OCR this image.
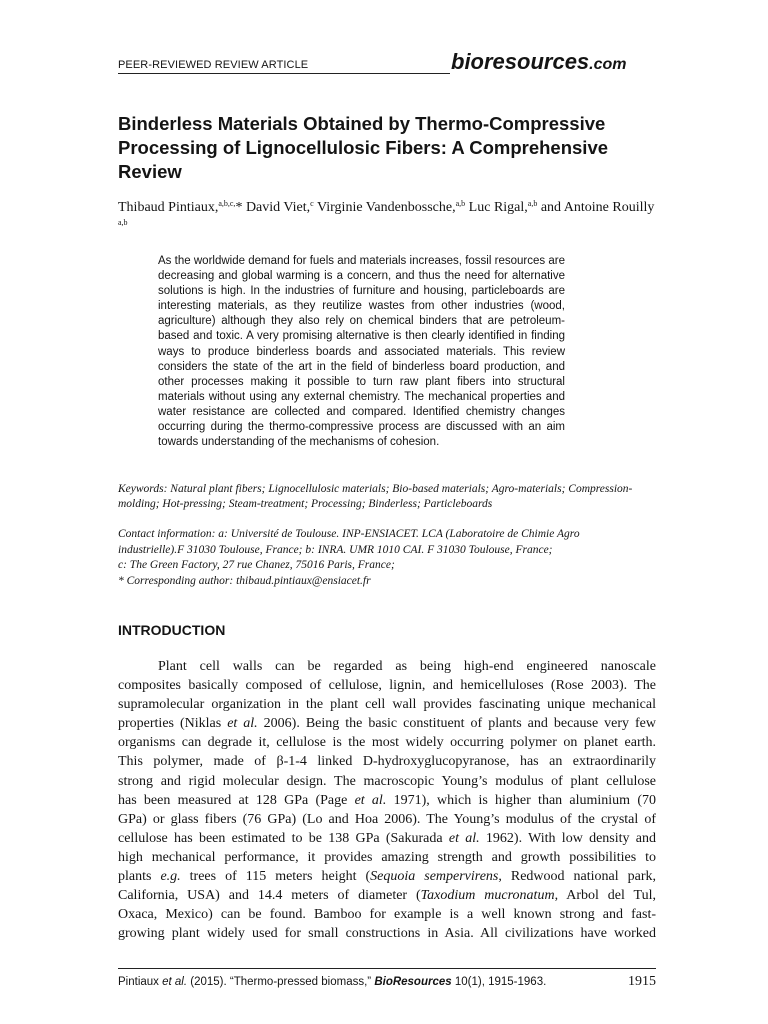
PEER-REVIEWED REVIEW ARTICLE	bioresources.com
Binderless Materials Obtained by Thermo-Compressive Processing of Lignocellulosic Fibers: A Comprehensive Review
Thibaud Pintiaux,$^{a,b,c,}$* David Viet,$^c$ Virginie Vandenbossche,$^{a,b}$ Luc Rigal,$^{a,b}$ and Antoine Rouilly $^{a,b}$

As the worldwide demand for fuels and materials increases, fossil resources are decreasing and global warming is a concern, and thus the need for alternative solutions is high. In the industries of furniture and housing, particleboards are interesting materials, as they reutilize wastes from other industries (wood, agriculture) although they also rely on chemical binders that are petroleum-based and toxic. A very promising alternative is then clearly identified in finding ways to produce binderless boards and associated materials. This review considers the state of the art in the field of binderless board production, and other processes making it possible to turn raw plant fibers into structural materials without using any external chemistry. The mechanical properties and water resistance are collected and compared. Identified chemistry changes occurring during the thermo-compressive process are discussed with an aim towards understanding of the mechanisms of cohesion.

Keywords: Natural plant fibers; Lignocellulosic materials; Bio-based materials; Agro-materials; Compression-molding; Hot-pressing; Steam-treatment; Processing; Binderless; Particleboards
Contact information: a: Université de Toulouse. INP-ENSIACET. LCA (Laboratoire de Chimie Agro
industrielle).F 31030 Toulouse, France; b: INRA. UMR 1010 CAI. F 31030 Toulouse, France;
c: The Green Factory, 27 rue Chanez, 75016 Paris, France;
* Corresponding author: thibaud.pintiaux@ensiacet.fr
INTRODUCTION
Plant cell walls can be regarded as being high-end engineered nanoscale
composites basically composed of cellulose, lignin, and hemicelluloses (Rose 2003). The
supramolecular organization in the plant cell wall provides fascinating unique mechanical
properties (Niklas et al. 2006). Being the basic constituent of plants and because very few
organisms can degrade it, cellulose is the most widely occurring polymer on planet earth.
This polymer, made of β-1-4 linked D-hydroxyglucopyranose, has an extraordinarily
strong and rigid molecular design. The macroscopic Young’s modulus of plant cellulose
has been measured at 128 GPa (Page et al. 1971), which is higher than aluminium (70
GPa) or glass fibers (76 GPa) (Lo and Hoa 2006). The Young’s modulus of the crystal of
cellulose has been estimated to be 138 GPa (Sakurada et al. 1962). With low density and
high mechanical performance, it provides amazing strength and growth possibilities to
plants e.g. trees of 115 meters height (Sequoia sempervirens, Redwood national park,
California, USA) and 14.4 meters of diameter (Taxodium mucronatum, Arbol del Tul,
Oxaca, Mexico) can be found. Bamboo for example is a well known strong and fast-
growing plant widely used for small constructions in Asia. All civilizations have worked
Pintiaux et al. (2015). “Thermo-pressed biomass,” BioResources 10(1), 1915-1963.	1915
